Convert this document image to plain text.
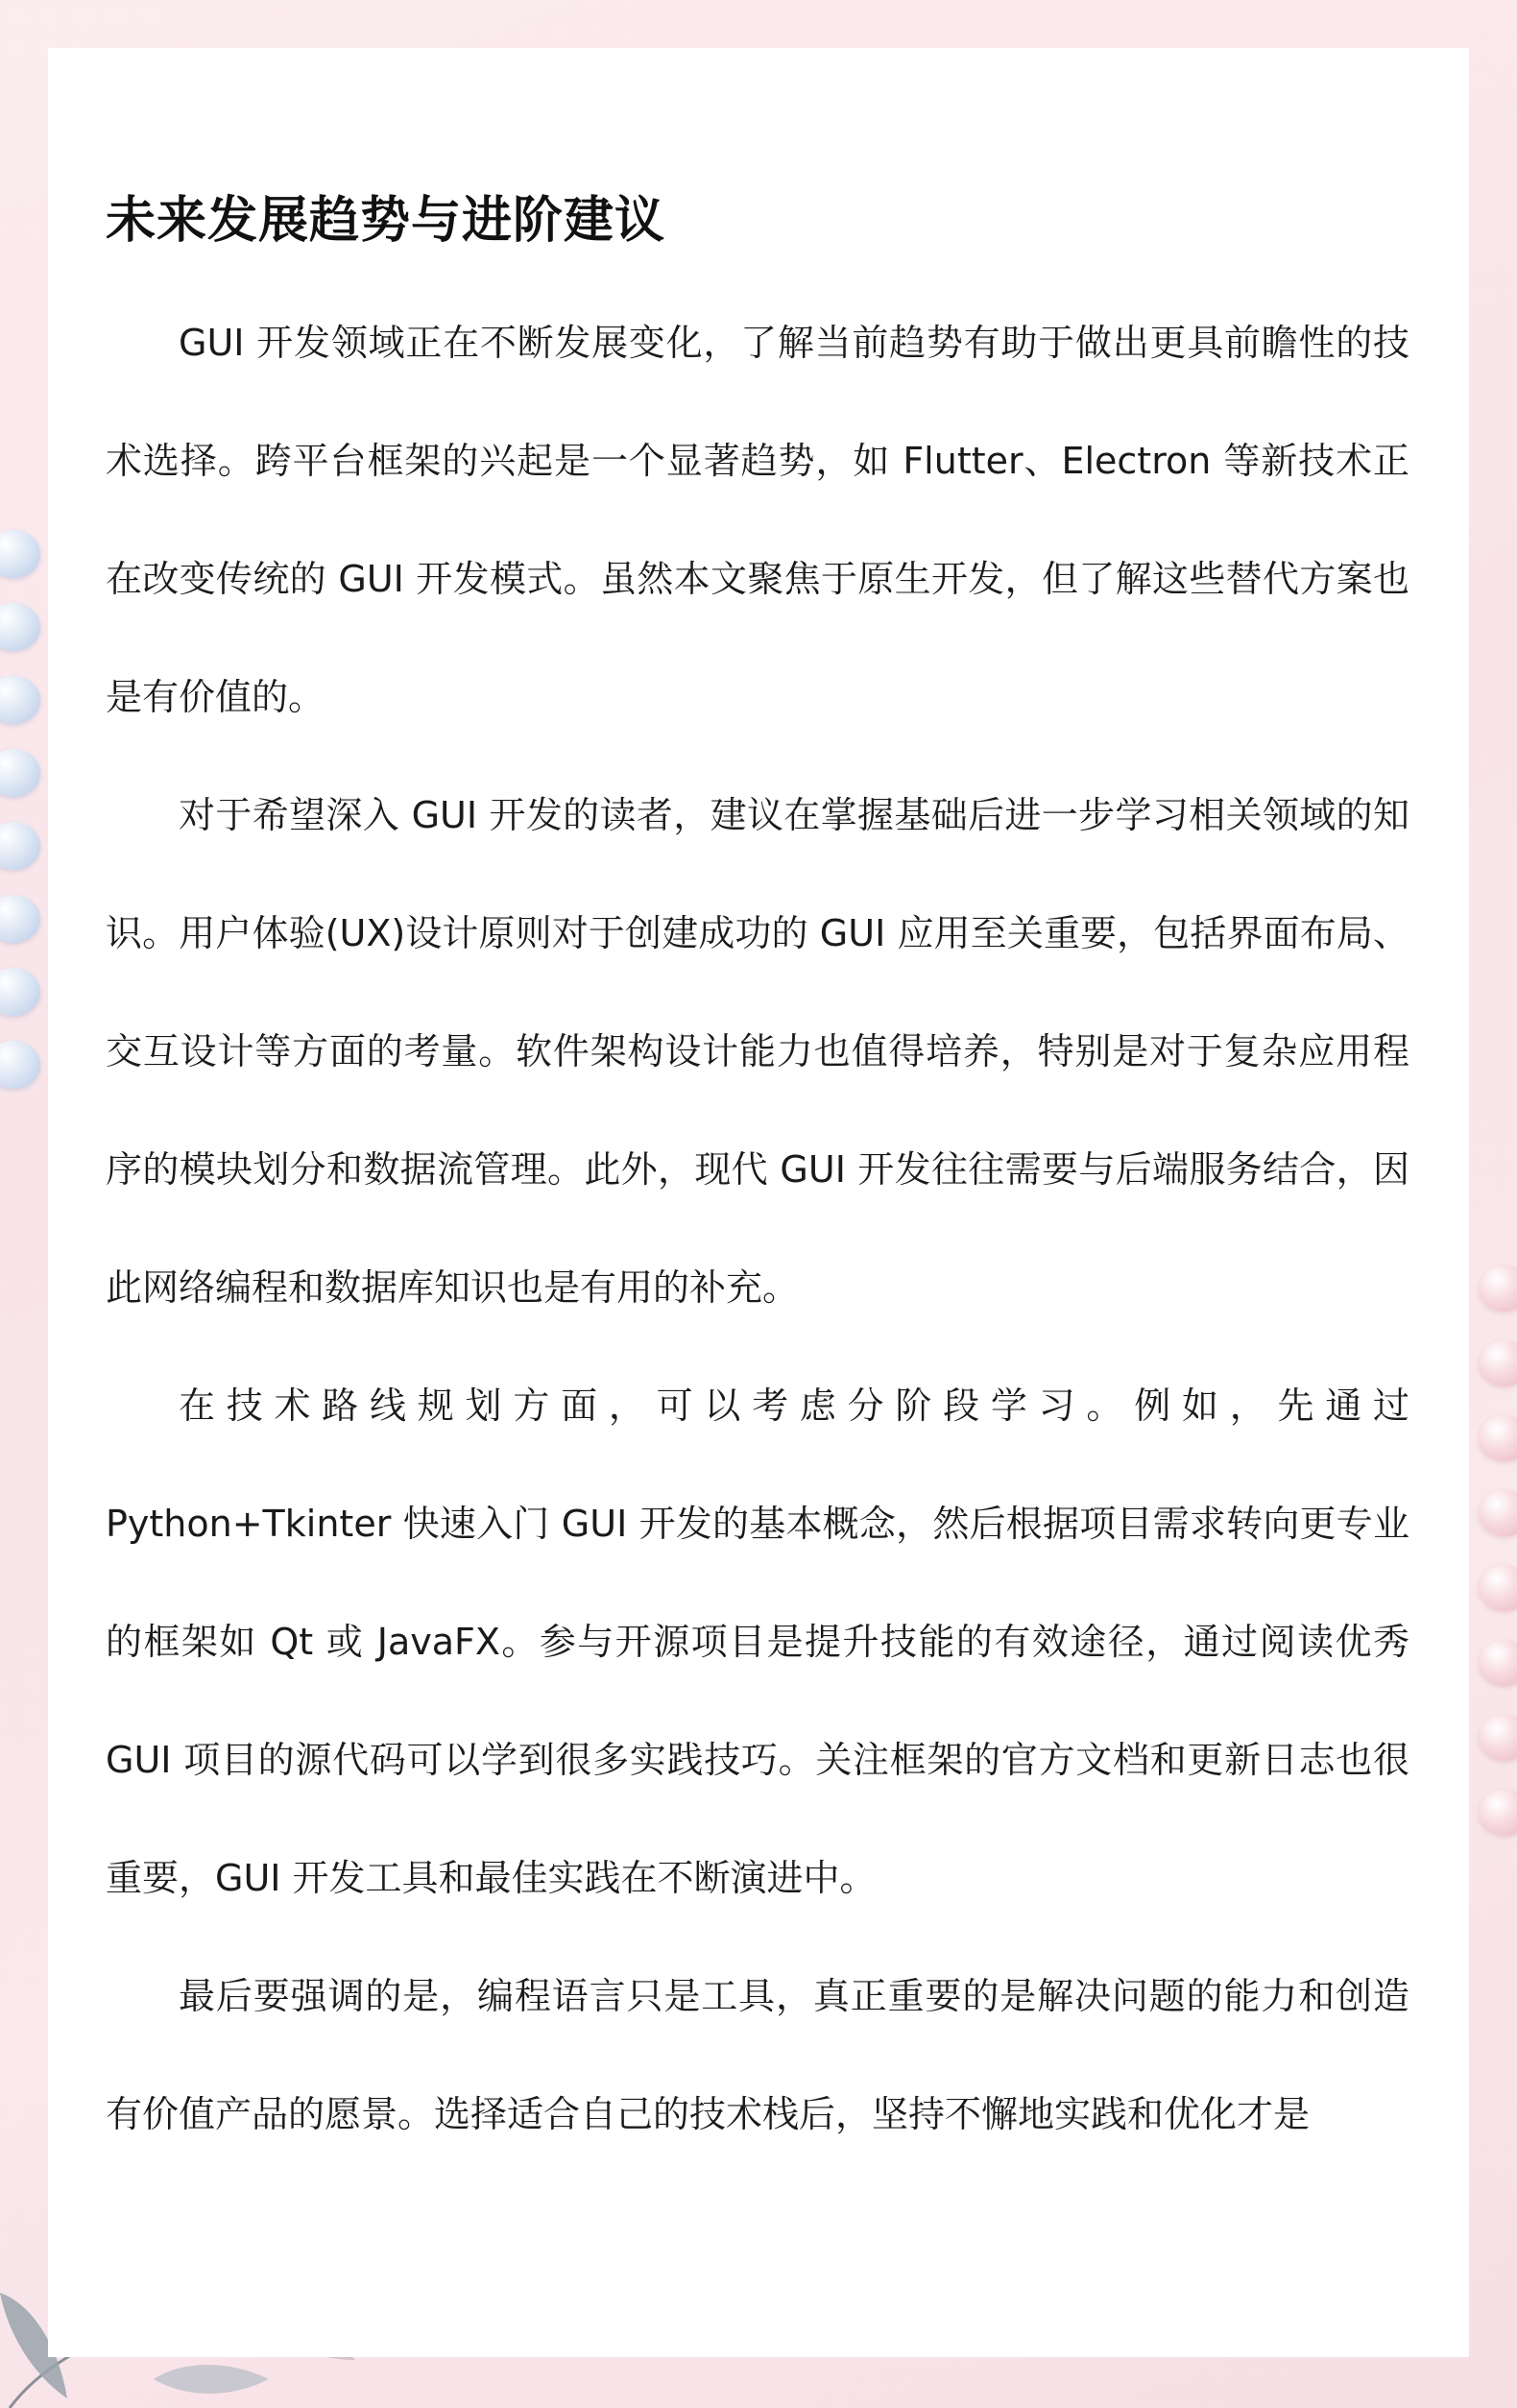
未来发展趋势与进阶建议

GUI 开发领域正在不断发展变化，了解当前趋势有助于做出更具前瞻性的技术选择。跨平台框架的兴起是一个显著趋势，如 Flutter、Electron 等新技术正在改变传统的 GUI 开发模式。虽然本文聚焦于原生开发，但了解这些替代方案也是有价值的。

对于希望深入 GUI 开发的读者，建议在掌握基础后进一步学习相关领域的知识。用户体验(UX)设计原则对于创建成功的 GUI 应用至关重要，包括界面布局、交互设计等方面的考量。软件架构设计能力也值得培养，特别是对于复杂应用程序的模块划分和数据流管理。此外，现代 GUI 开发往往需要与后端服务结合，因此网络编程和数据库知识也是有用的补充。

在技术路线规划方面，可以考虑分阶段学习。例如，先通过 Python+Tkinter 快速入门 GUI 开发的基本概念，然后根据项目需求转向更专业的框架如 Qt 或 JavaFX。参与开源项目是提升技能的有效途径，通过阅读优秀 GUI 项目的源代码可以学到很多实践技巧。关注框架的官方文档和更新日志也很重要，GUI 开发工具和最佳实践在不断演进中。

最后要强调的是，编程语言只是工具，真正重要的是解决问题的能力和创造有价值产品的愿景。选择适合自己的技术栈后，坚持不懈地实践和优化才是
